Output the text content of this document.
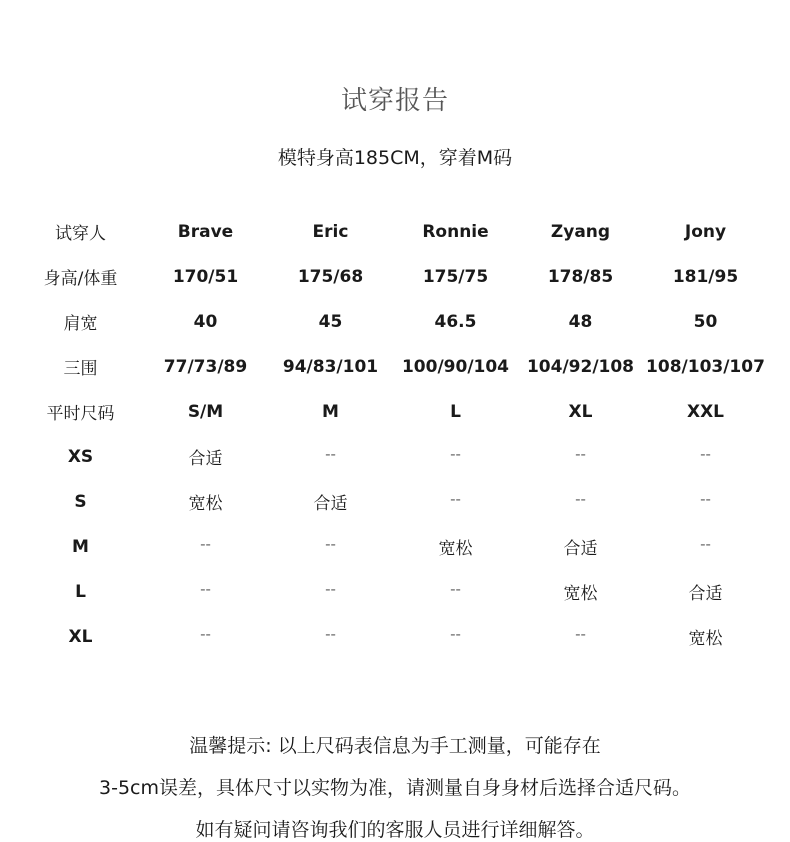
试穿报告
模特身高185CM，穿着M码
试穿人	Brave	Eric	Ronnie	Zyang	Jony
身高/体重	170/51	175/68	175/75	178/85	181/95
肩宽	40	45	46.5	48	50
三围	77/73/89	94/83/101	100/90/104	104/92/108 108/103/107
平时尺码	S/M	M	L	XL	XXL
XS	合适	--	--	--	--
S	宽松	合适	--	--	--
M	--	--	宽松	合适	--
L	--	--	--	宽松	合适
XL	--	--	--	--	宽松
温馨提示: 以上尺码表信息为手工测量，可能存在
3-5cm误差，具体尺寸以实物为准，请测量自身身材后选择合适尺码。
如有疑问请咨询我们的客服人员进行详细解答。
